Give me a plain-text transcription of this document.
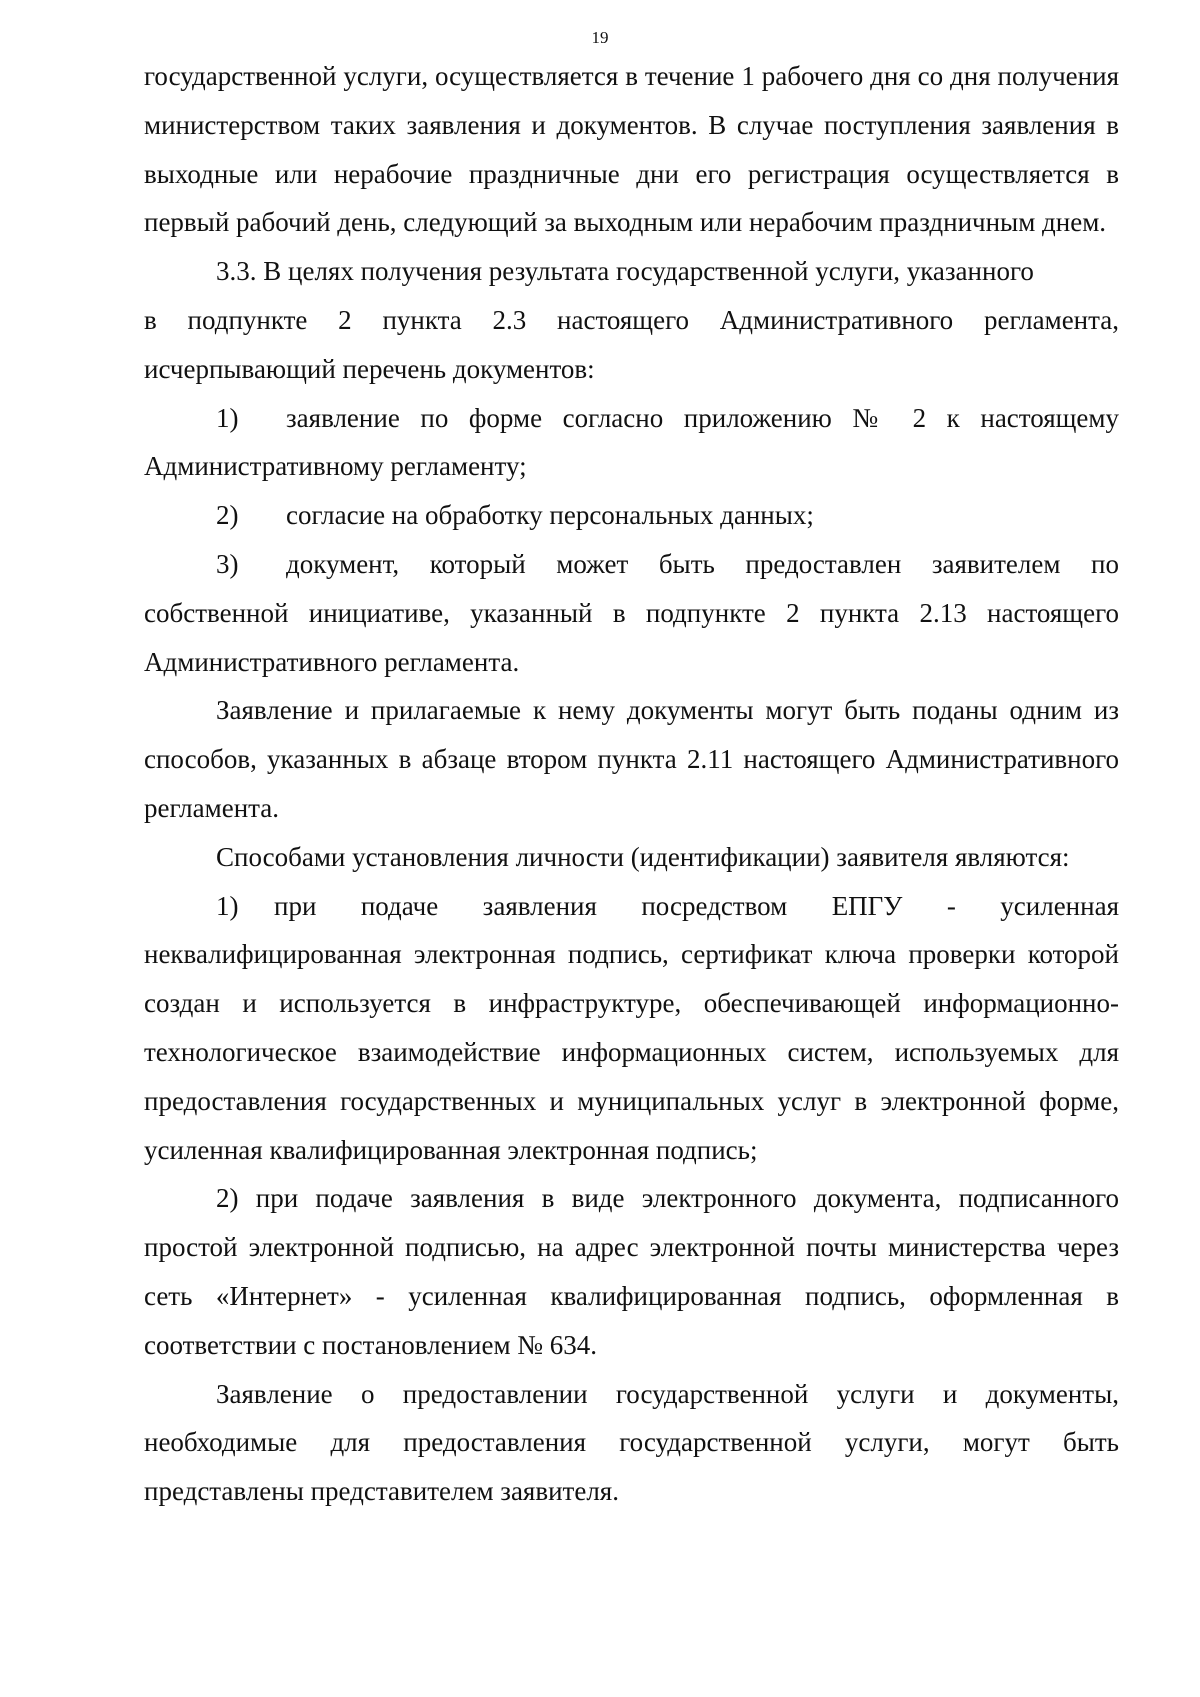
19

государственной услуги, осуществляется в течение 1 рабочего дня со дня получения министерством таких заявления и документов. В случае поступления заявления в выходные или нерабочие праздничные дни его регистрация осуществляется в первый рабочий день, следующий за выходным или нерабочим праздничным днем.

3.3. В целях получения результата государственной услуги, указанного

в подпункте 2 пункта 2.3 настоящего Административного регламента, исчерпывающий перечень документов:

1) заявление по форме согласно приложению № 2 к настоящему Административному регламенту;

2) согласие на обработку персональных данных;

3) документ, который может быть предоставлен заявителем по собственной инициативе, указанный в подпункте 2 пункта 2.13 настоящего Административного регламента.

Заявление и прилагаемые к нему документы могут быть поданы одним из способов, указанных в абзаце втором пункта 2.11 настоящего Административного регламента.

Способами установления личности (идентификации) заявителя являются:

1) при подаче заявления посредством ЕПГУ - усиленная неквалифицированная электронная подпись, сертификат ключа проверки которой создан и используется в инфраструктуре, обеспечивающей информационно-технологическое взаимодействие информационных систем, используемых для предоставления государственных и муниципальных услуг в электронной форме, усиленная квалифицированная электронная подпись;

2) при подаче заявления в виде электронного документа, подписанного простой электронной подписью, на адрес электронной почты министерства через сеть «Интернет» - усиленная квалифицированная подпись, оформленная в соответствии с постановлением № 634.

Заявление о предоставлении государственной услуги и документы, необходимые для предоставления государственной услуги, могут быть представлены представителем заявителя.
